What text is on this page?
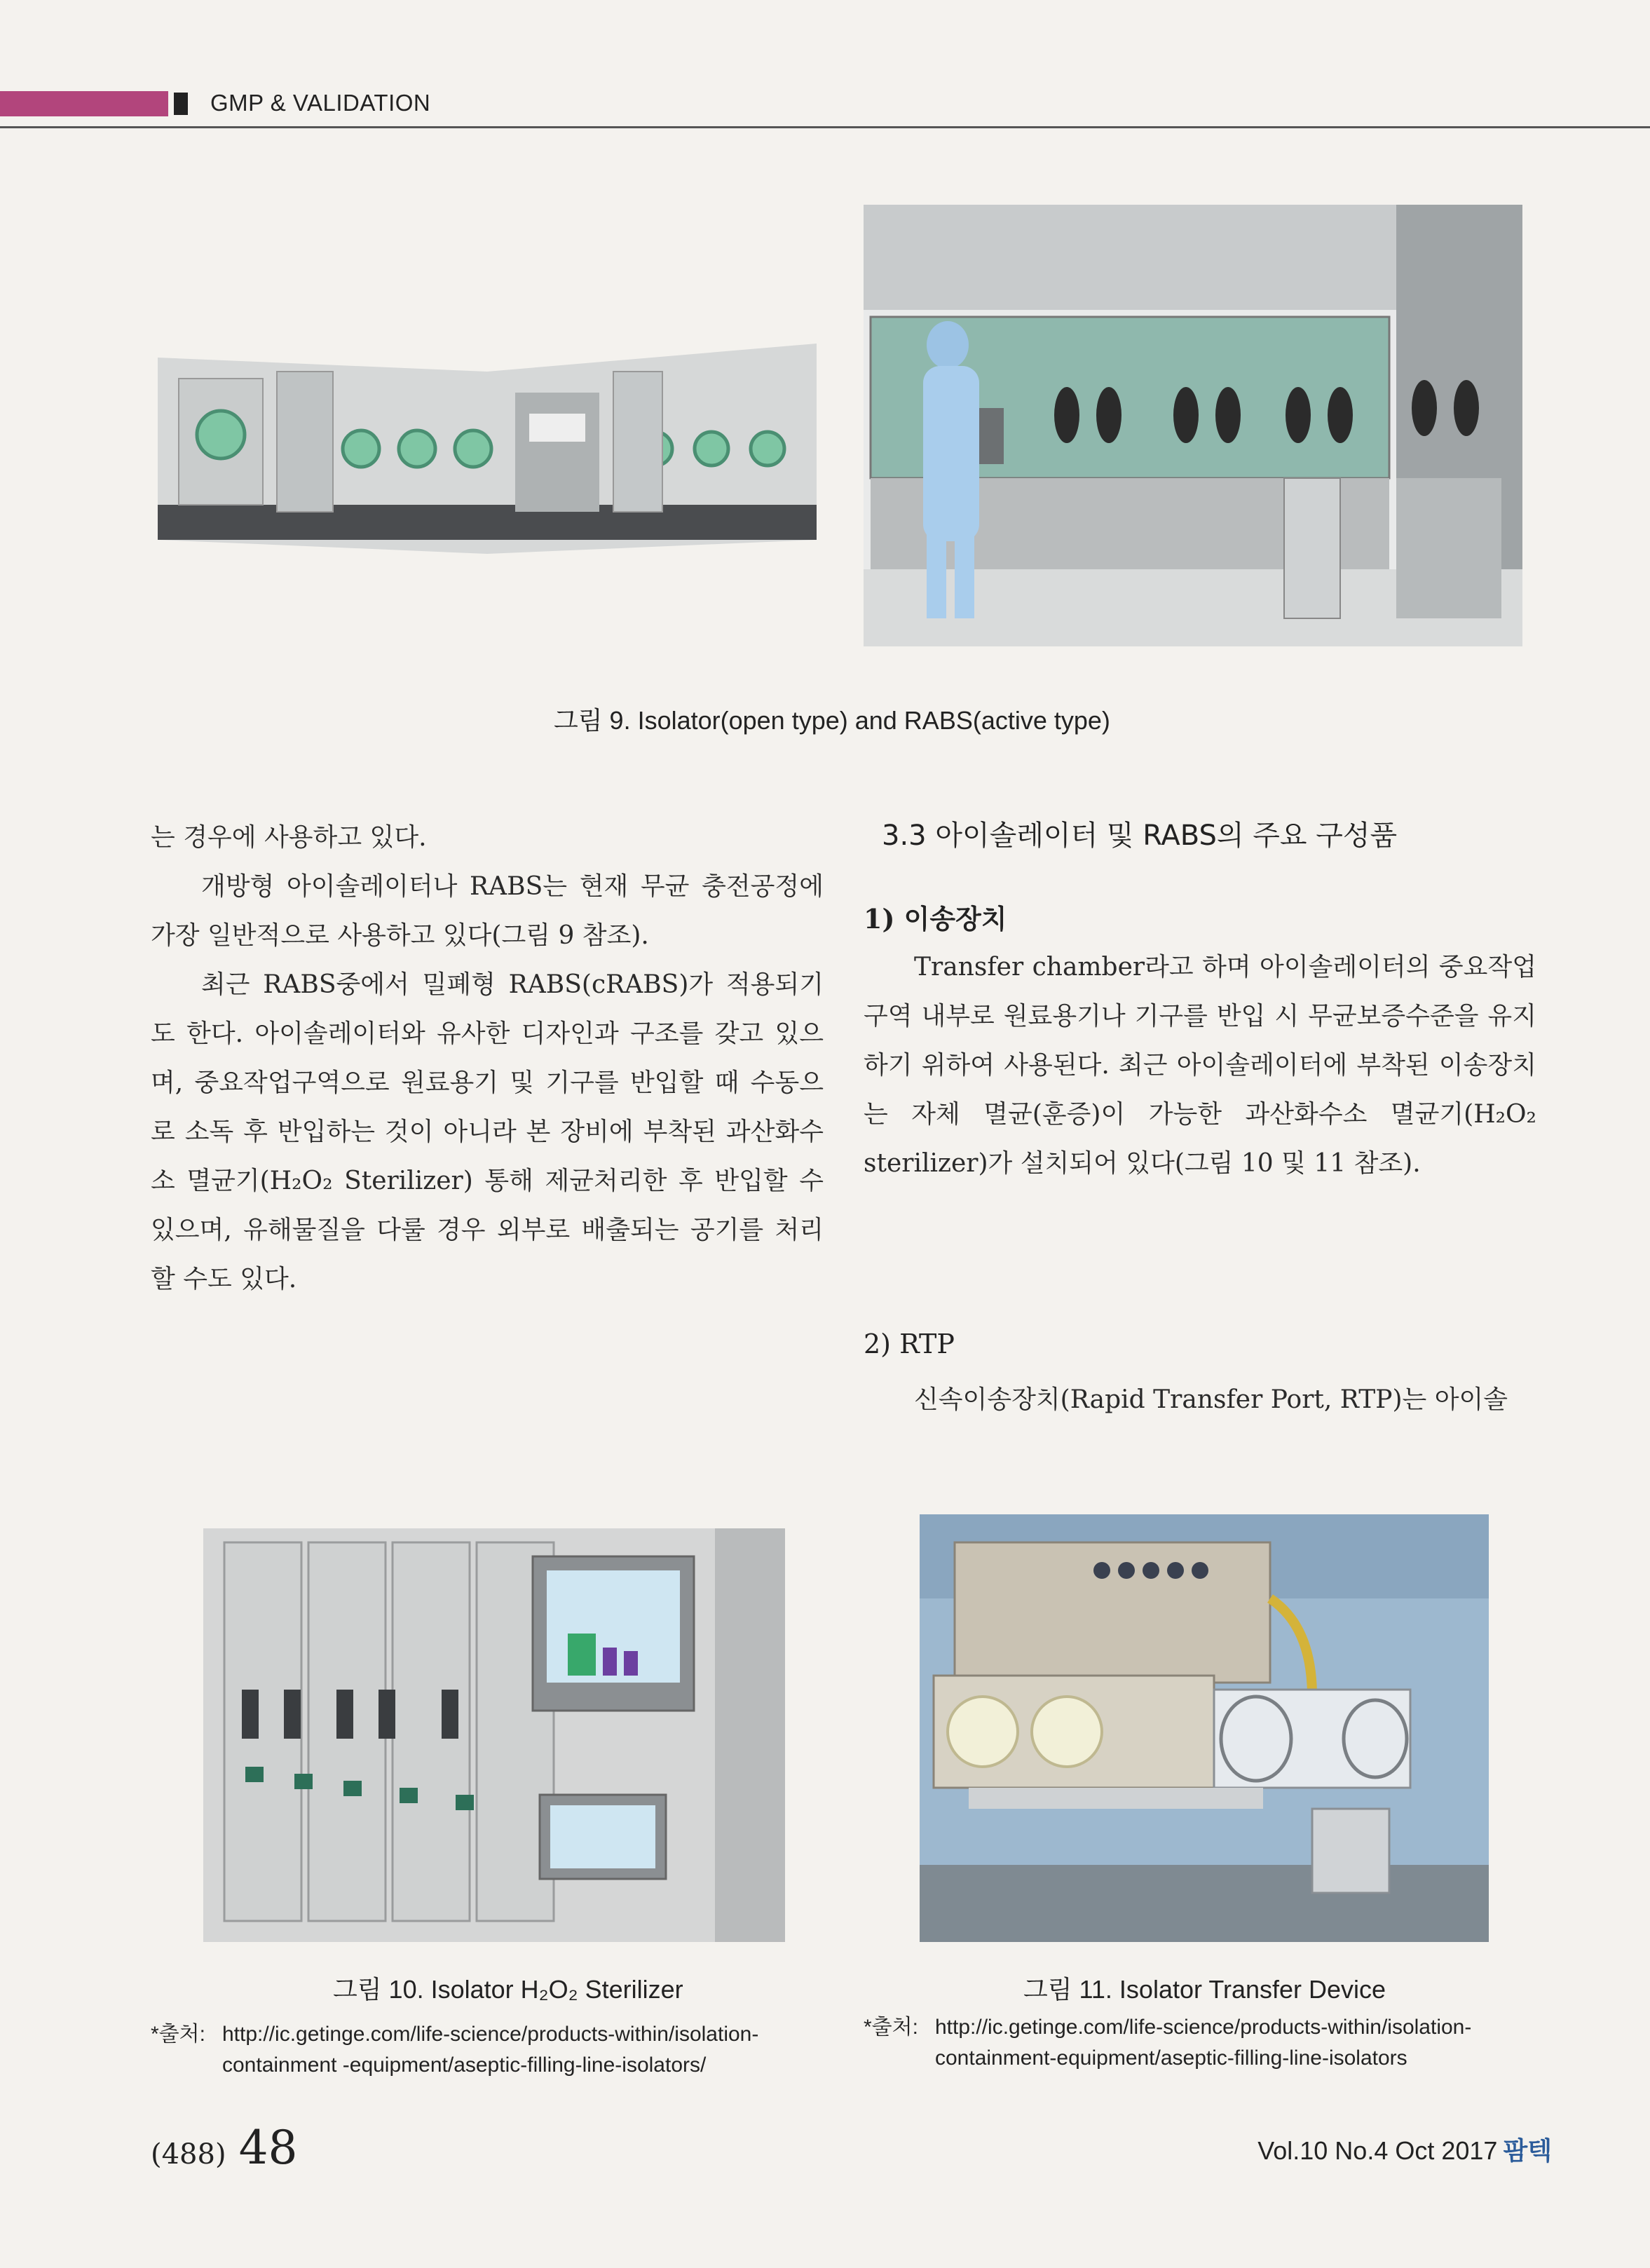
GMP & VALIDATION
그림 9. Isolator(open type) and RABS(active type)

는 경우에 사용하고 있다.

개방형 아이솔레이터나 RABS는 현재 무균 충전공정에 가장 일반적으로 사용하고 있다(그림 9 참조).

최근 RABS중에서 밀폐형 RABS(cRABS)가 적용되기도 한다. 아이솔레이터와 유사한 디자인과 구조를 갖고 있으며, 중요작업구역으로 원료용기 및 기구를 반입할 때 수동으로 소독 후 반입하는 것이 아니라 본 장비에 부착된 과산화수소 멸균기(H₂O₂ Sterilizer) 통해 제균처리한 후 반입할 수 있으며, 유해물질을 다룰 경우 외부로 배출되는 공기를 처리할 수도 있다.

3.3 아이솔레이터 및 RABS의 주요 구성품
1) 이송장치

Transfer chamber라고 하며 아이솔레이터의 중요작업구역 내부로 원료용기나 기구를 반입 시 무균보증수준을 유지하기 위하여 사용된다. 최근 아이솔레이터에 부착된 이송장치는 자체 멸균(훈증)이 가능한 과산화수소 멸균기(H₂O₂ sterilizer)가 설치되어 있다(그림 10 및 11 참조).

2) RTP

신속이송장치(Rapid Transfer Port, RTP)는 아이솔

그림 10. Isolator H₂O₂ Sterilizer
*출처: http://ic.getinge.com/life-science/products-within/isolation-containment -equipment/aseptic-filling-line-isolators/
그림 11. Isolator Transfer Device
*출처: http://ic.getinge.com/life-science/products-within/isolation-containment-equipment/aseptic-filling-line-isolators
(488) 48	Vol.10 No.4 Oct 2017 팜텍
